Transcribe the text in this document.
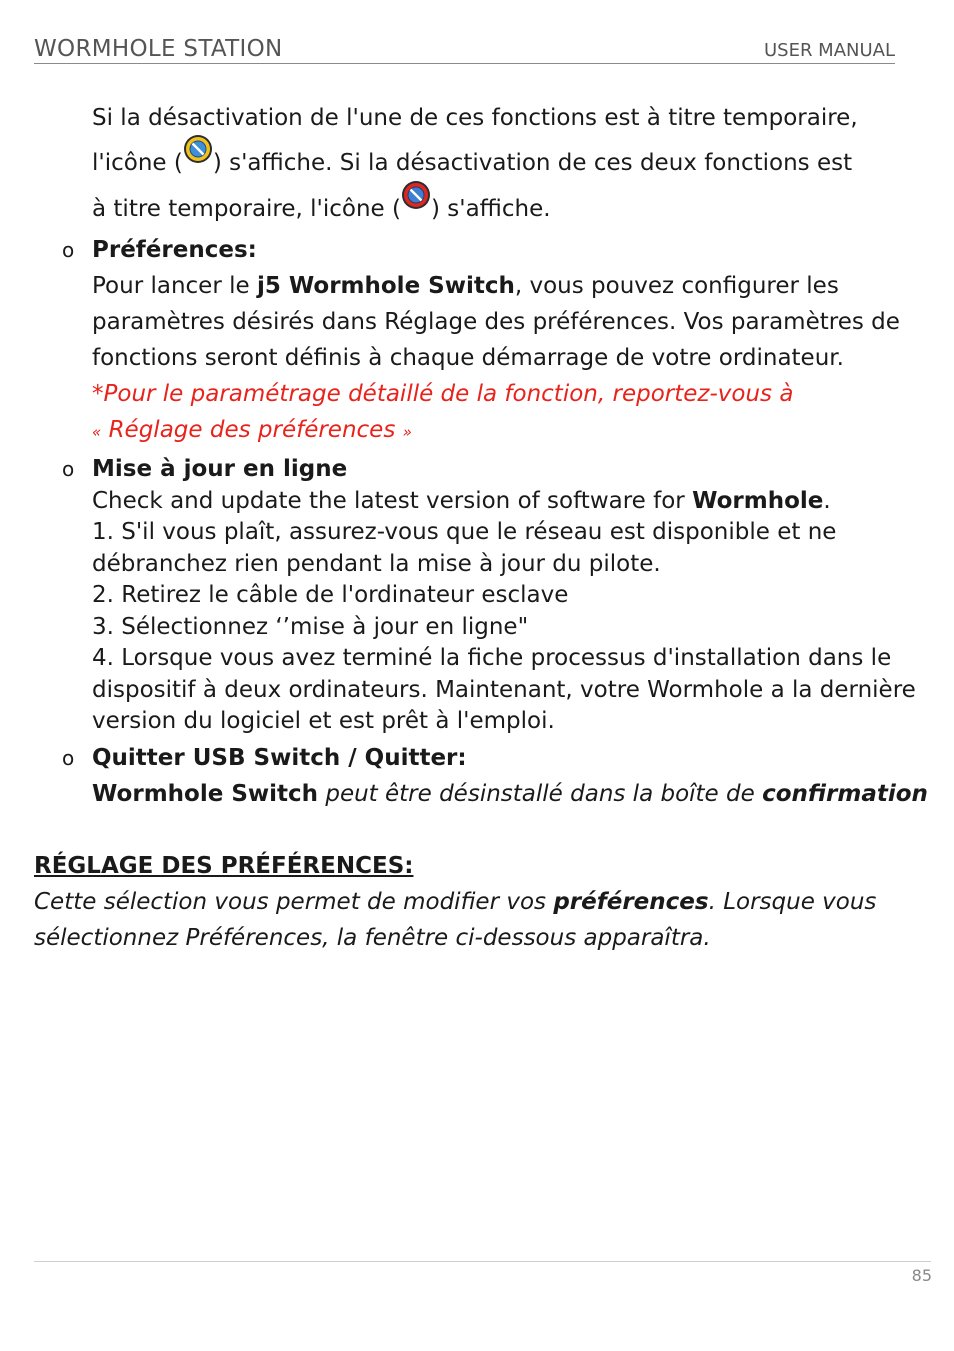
WORMHOLE STATION	USER MANUAL

Si la désactivation de l'une de ces fonctions est à titre temporaire,

l'icône ( ) s'affiche. Si la désactivation de ces deux fonctions est

à titre temporaire, l'icône ( ) s'affiche.

o Préférences:
Pour lancer le j5 Wormhole Switch, vous pouvez configurer les paramètres désirés dans Réglage des préférences. Vos paramètres de fonctions seront définis à chaque démarrage de votre ordinateur.
*Pour le paramétrage détaillé de la fonction, reportez-vous à
« Réglage des préférences »
o Mise à jour en ligne
Check and update the latest version of software for Wormhole.
1. S'il vous plaît, assurez-vous que le réseau est disponible et ne débranchez rien pendant la mise à jour du pilote.
2. Retirez le câble de l'ordinateur esclave
3. Sélectionnez ‘’mise à jour en ligne"
4. Lorsque vous avez terminé la fiche processus d'installation dans le dispositif à deux ordinateurs. Maintenant, votre Wormhole a la dernière version du logiciel et est prêt à l'emploi.
o Quitter USB Switch / Quitter:
Wormhole Switch peut être désinstallé dans la boîte de confirmation
RÉGLAGE DES PRÉFÉRENCES:
Cette sélection vous permet de modifier vos préférences. Lorsque vous sélectionnez Préférences, la fenêtre ci-dessous apparaîtra.
85
